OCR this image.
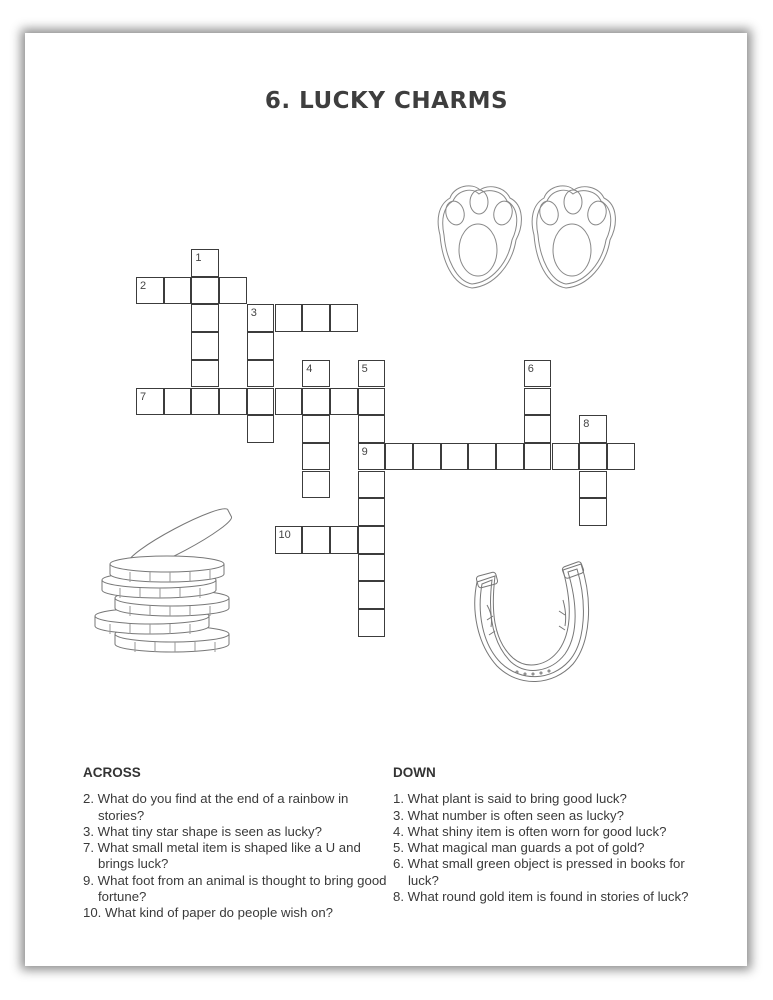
6. LUCKY CHARMS
1
2
3
4	5
9
6
7
8
10
ACROSS
2. What do you find at the end of a rainbow in stories?
3. What tiny star shape is seen as lucky?
7. What small metal item is shaped like a U and brings luck?
9. What foot from an animal is thought to bring good fortune?
10. What kind of paper do people wish on?
DOWN
1. What plant is said to bring good luck?
3. What number is often seen as lucky?
4. What shiny item is often worn for good luck?
5. What magical man guards a pot of gold?
6. What small green object is pressed in books for luck?
8. What round gold item is found in stories of luck?
